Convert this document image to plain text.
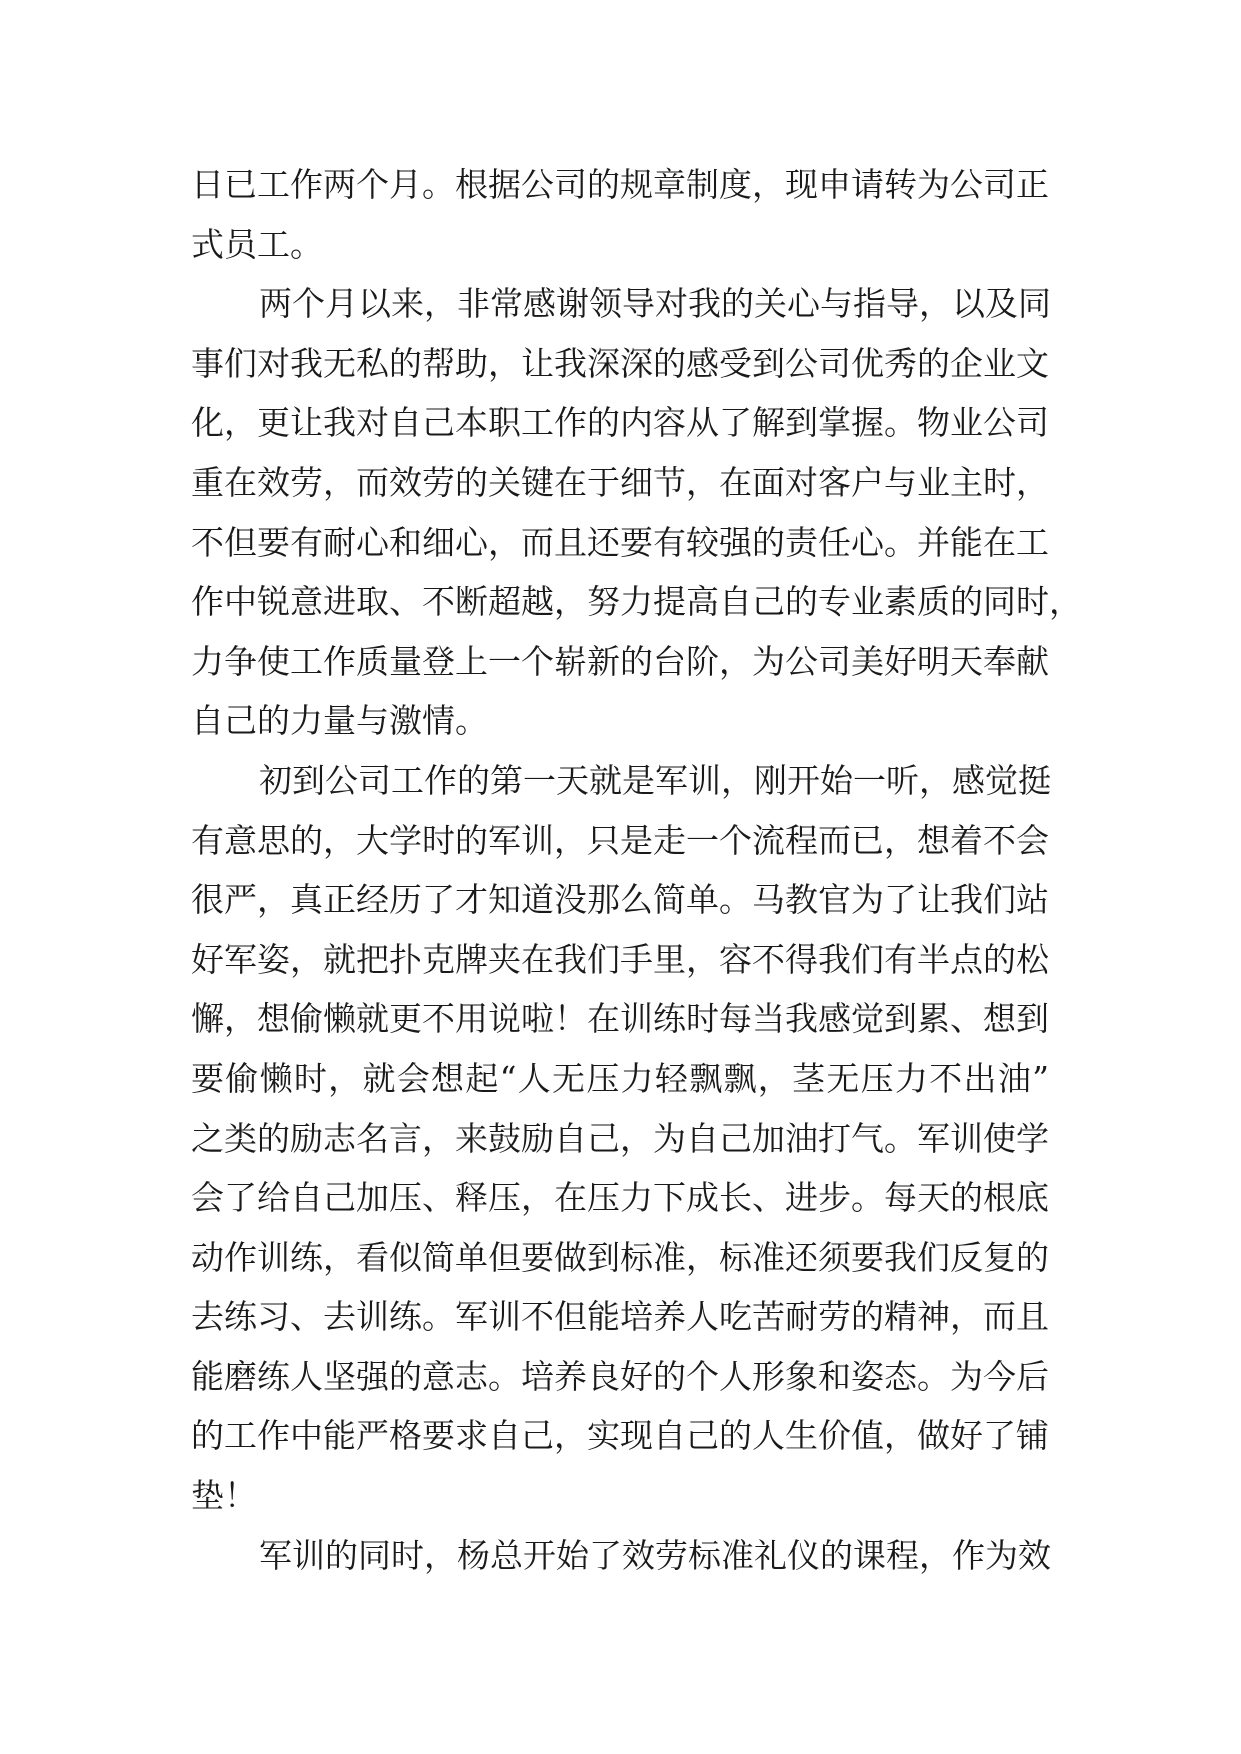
日已工作两个月。根据公司的规章制度，现申请转为公司正
式员工。
两个月以来，非常感谢领导对我的关心与指导，以及同
事们对我无私的帮助，让我深深的感受到公司优秀的企业文
化，更让我对自己本职工作的内容从了解到掌握。物业公司
重在效劳，而效劳的关键在于细节，在面对客户与业主时，
不但要有耐心和细心，而且还要有较强的责任心。并能在工
作中锐意进取、不断超越，努力提高自己的专业素质的同时，
力争使工作质量登上一个崭新的台阶，为公司美好明天奉献
自己的力量与激情。
初到公司工作的第一天就是军训，刚开始一听，感觉挺
有意思的，大学时的军训，只是走一个流程而已，想着不会
很严，真正经历了才知道没那么简单。马教官为了让我们站
好军姿，就把扑克牌夹在我们手里，容不得我们有半点的松
懈，想偷懒就更不用说啦！在训练时每当我感觉到累、想到
要偷懒时，就会想起“人无压力轻飘飘，茎无压力不出油”
之类的励志名言，来鼓励自己，为自己加油打气。军训使学
会了给自己加压、释压，在压力下成长、进步。每天的根底
动作训练，看似简单但要做到标准，标准还须要我们反复的
去练习、去训练。军训不但能培养人吃苦耐劳的精神，而且
能磨练人坚强的意志。培养良好的个人形象和姿态。为今后
的工作中能严格要求自己，实现自己的人生价值，做好了铺
垫！
军训的同时，杨总开始了效劳标准礼仪的课程，作为效
